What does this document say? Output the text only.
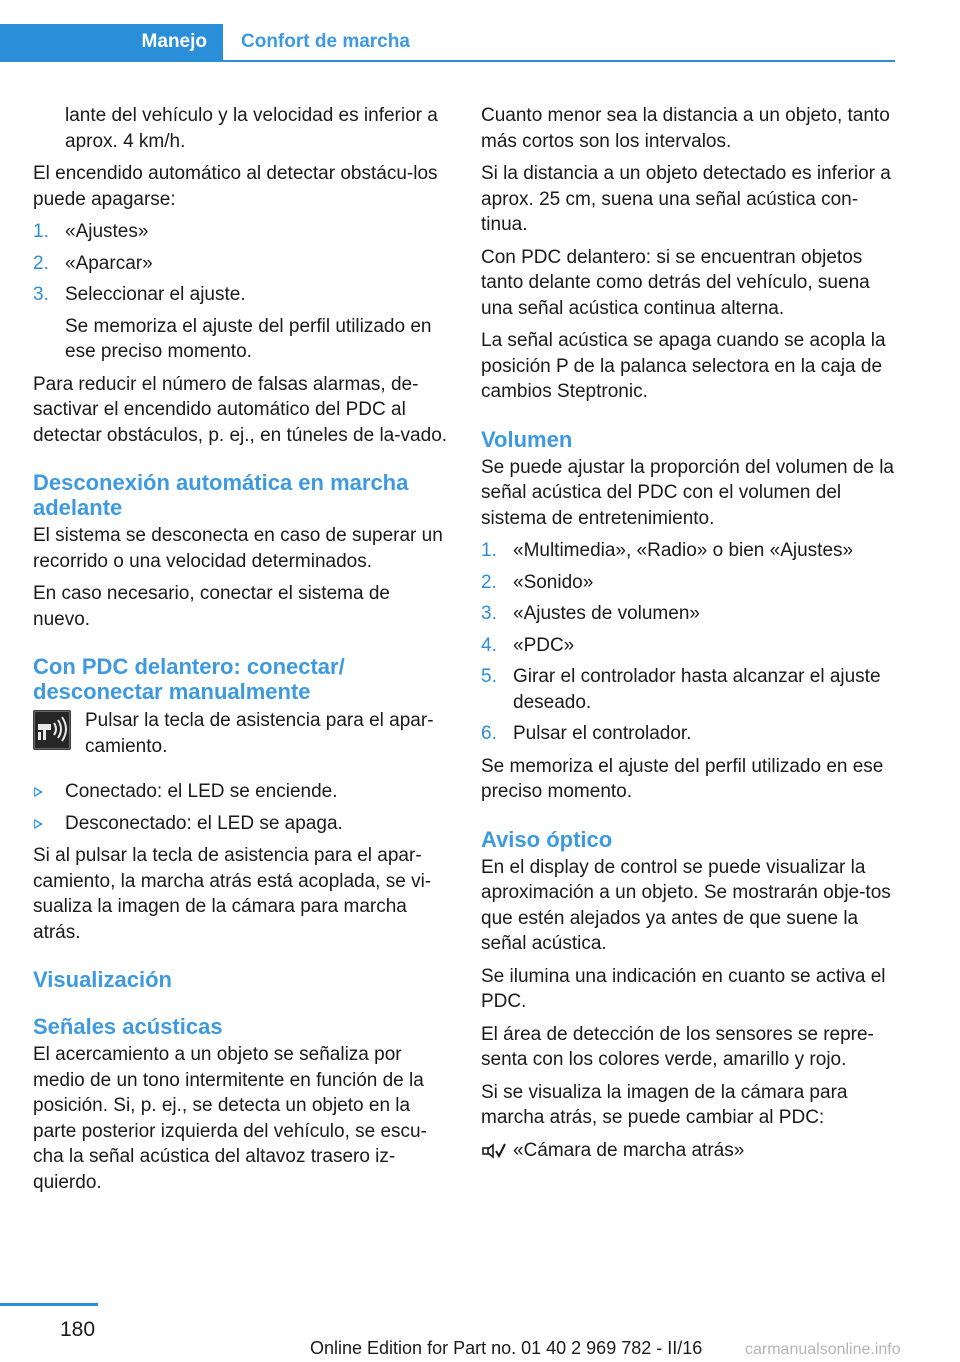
Manejo	Confort de marcha

lante del vehículo y la velocidad es inferior a aprox. 4 km/h.

El encendido automático al detectar obstácu-los puede apagarse:

1. «Ajustes»
2. «Aparcar»
3. Seleccionar el ajuste.
Se memoriza el ajuste del perfil utilizado en ese preciso momento.

Para reducir el número de falsas alarmas, de-sactivar el encendido automático del PDC al detectar obstáculos, p. ej., en túneles de la-vado.

Desconexión automática en marcha adelante

El sistema se desconecta en caso de superar un recorrido o una velocidad determinados.

En caso necesario, conectar el sistema de nuevo.

Con PDC delantero: conectar/ desconectar manualmente
Pulsar la tecla de asistencia para el apar-camiento.
Conectado: el LED se enciende.
Desconectado: el LED se apaga.

Si al pulsar la tecla de asistencia para el apar-camiento, la marcha atrás está acoplada, se vi-sualiza la imagen de la cámara para marcha atrás.

Visualización
Señales acústicas

El acercamiento a un objeto se señaliza por medio de un tono intermitente en función de la posición. Si, p. ej., se detecta un objeto en la parte posterior izquierda del vehículo, se escu-cha la señal acústica del altavoz trasero iz-quierdo.

Cuanto menor sea la distancia a un objeto, tanto más cortos son los intervalos.

Si la distancia a un objeto detectado es inferior a aprox. 25 cm, suena una señal acústica con-tinua.

Con PDC delantero: si se encuentran objetos tanto delante como detrás del vehículo, suena una señal acústica continua alterna.

La señal acústica se apaga cuando se acopla la posición P de la palanca selectora en la caja de cambios Steptronic.

Volumen

Se puede ajustar la proporción del volumen de la señal acústica del PDC con el volumen del sistema de entretenimiento.

1. «Multimedia», «Radio» o bien «Ajustes»
2. «Sonido»
3. «Ajustes de volumen»
4. «PDC»
5. Girar el controlador hasta alcanzar el ajuste deseado.
6. Pulsar el controlador.

Se memoriza el ajuste del perfil utilizado en ese preciso momento.

Aviso óptico

En el display de control se puede visualizar la aproximación a un objeto. Se mostrarán obje-tos que estén alejados ya antes de que suene la señal acústica.

Se ilumina una indicación en cuanto se activa el PDC.

El área de detección de los sensores se repre-senta con los colores verde, amarillo y rojo.

Si se visualiza la imagen de la cámara para marcha atrás, se puede cambiar al PDC:

«Cámara de marcha atrás»
180
Online Edition for Part no. 01 40 2 969 782 - II/16	carmanualsonline.info
